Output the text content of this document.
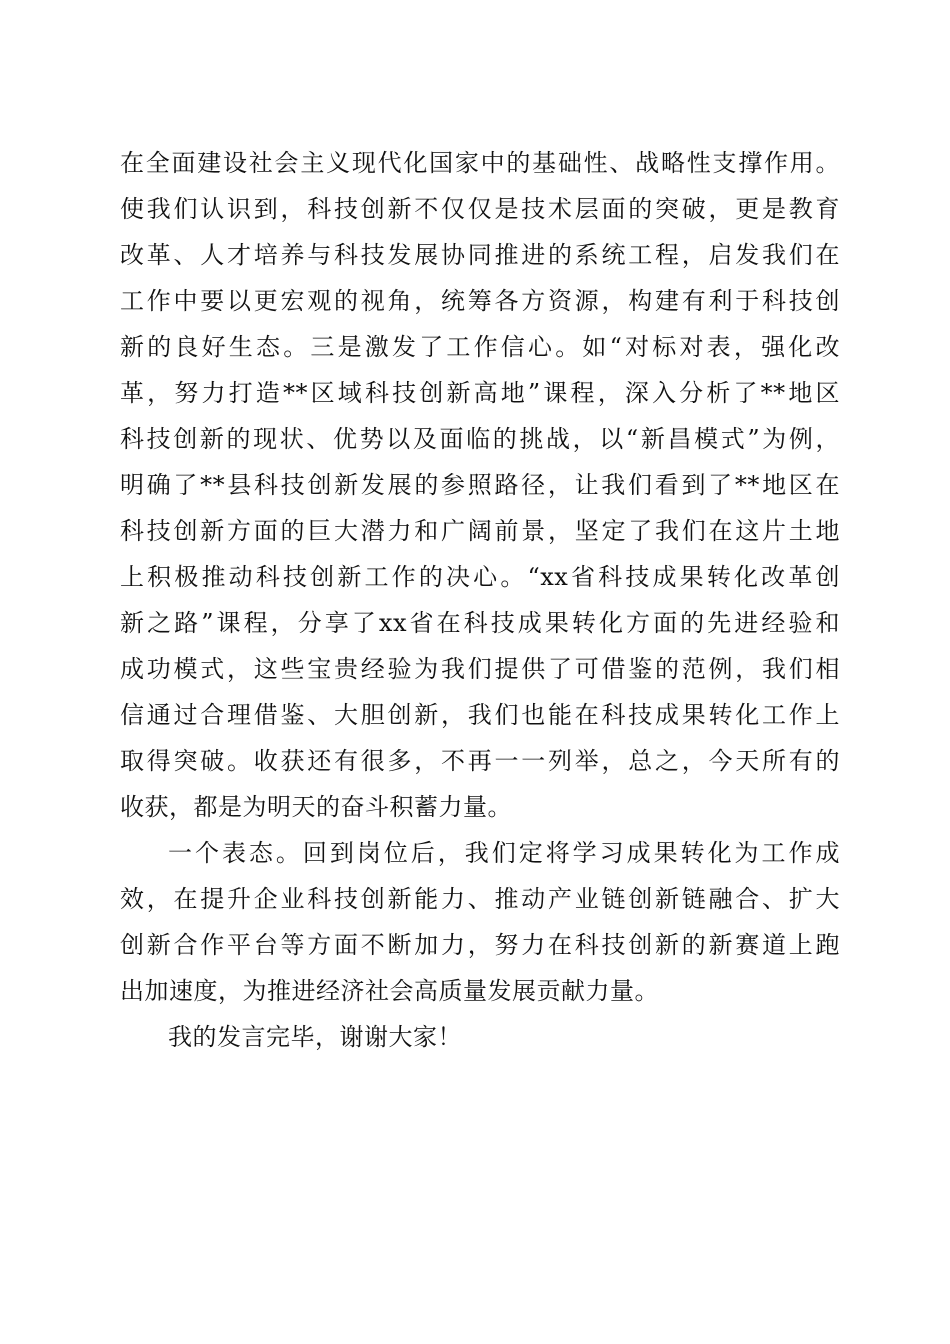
在全面建设社会主义现代化国家中的基础性、战略性支撑作用。
使我们认识到，科技创新不仅仅是技术层面的突破，更是教育
改革、人才培养与科技发展协同推进的系统工程，启发我们在
工作中要以更宏观的视角，统筹各方资源，构建有利于科技创
新的良好生态。三是激发了工作信心。如“对标对表，强化改
革，努力打造**区域科技创新高地”课程，深入分析了**地区
科技创新的现状、优势以及面临的挑战，以“新昌模式”为例，
明确了**县科技创新发展的参照路径，让我们看到了**地区在
科技创新方面的巨大潜力和广阔前景，坚定了我们在这片土地
上积极推动科技创新工作的决心。“xx省科技成果转化改革创
新之路”课程，分享了xx省在科技成果转化方面的先进经验和
成功模式，这些宝贵经验为我们提供了可借鉴的范例，我们相
信通过合理借鉴、大胆创新，我们也能在科技成果转化工作上
取得突破。收获还有很多，不再一一列举，总之，今天所有的
收获，都是为明天的奋斗积蓄力量。
一个表态。回到岗位后，我们定将学习成果转化为工作成
效，在提升企业科技创新能力、推动产业链创新链融合、扩大
创新合作平台等方面不断加力，努力在科技创新的新赛道上跑
出加速度，为推进经济社会高质量发展贡献力量。
我的发言完毕，谢谢大家！
